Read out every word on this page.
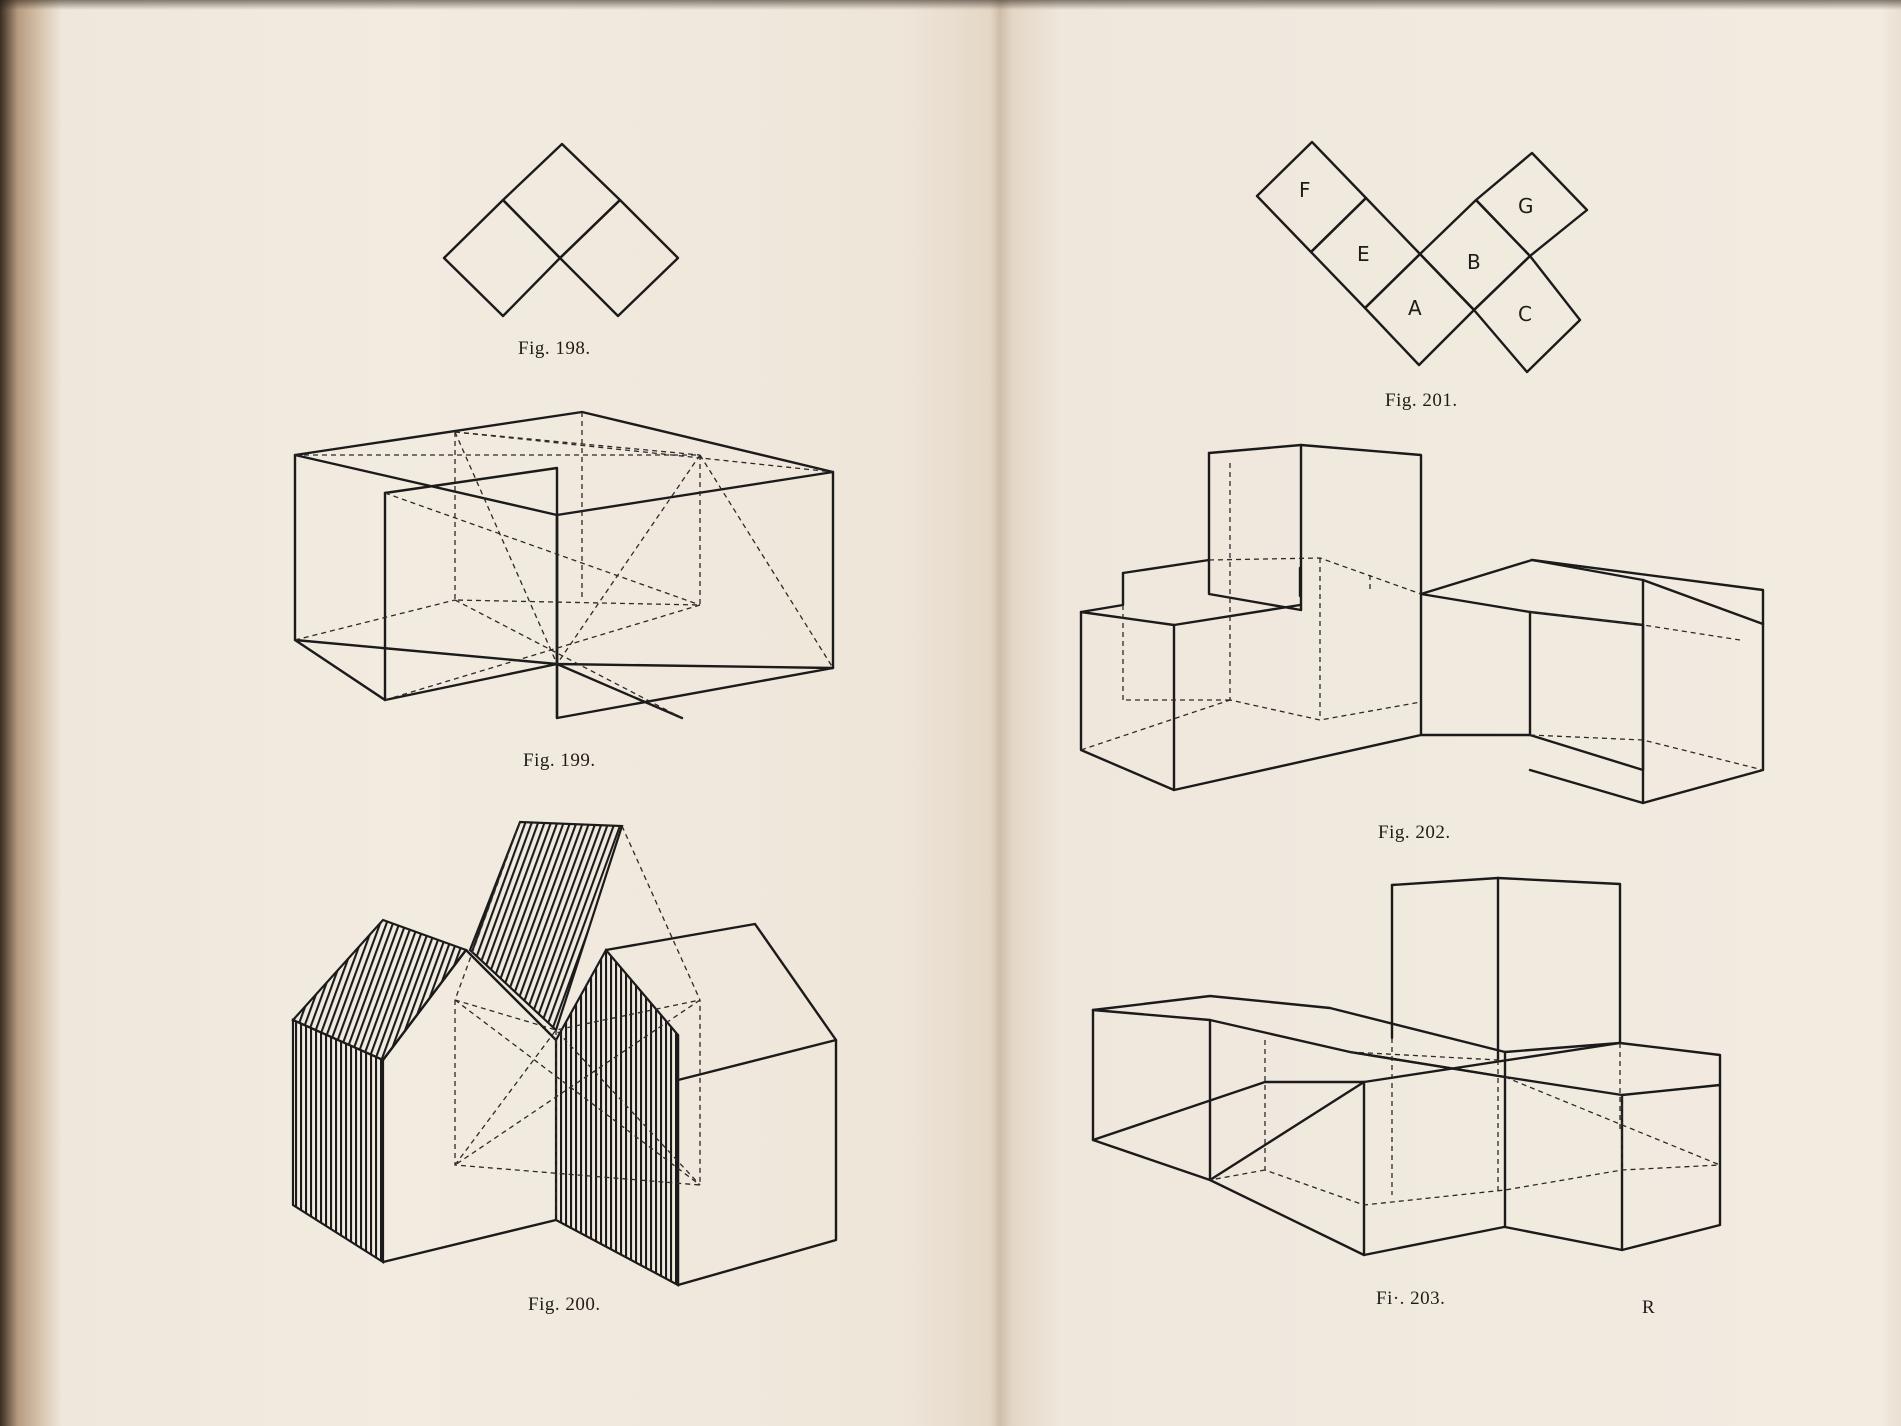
Fig. 198.
Fig. 199.
Fig. 200.
F
E
A
B
G
C
Fig. 201.
Fig. 202.
Fi·. 203.	R
